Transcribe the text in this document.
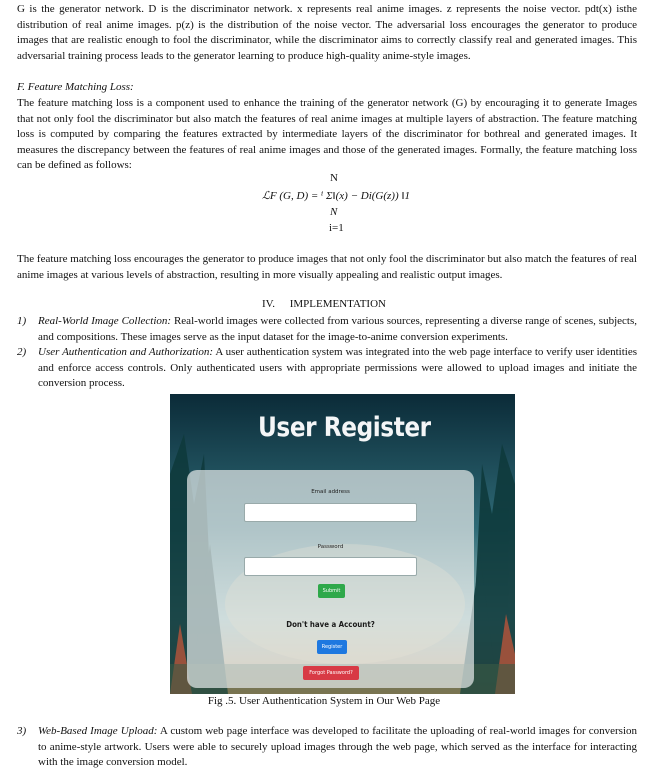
G is the generator network. D is the discriminator network. x represents real anime images. z represents the noise vector. pdt(x) isthe distribution of real anime images. p(z) is the distribution of the noise vector. The adversarial loss encourages the generator to produce images that are realistic enough to fool the discriminator, while the discriminator aims to correctly classify real and generated images. This adversarial training process leads to the generator learning to produce high-quality anime-style images.

F. Feature Matching Loss:

The feature matching loss is a component used to enhance the training of the generator network (G) by encouraging it to generate Images that not only fool the discriminator but also match the features of real anime images at multiple layers of abstraction. The feature matching loss is computed by comparing the features extracted by intermediate layers of the discriminator for bothreal and generated images. It measures the discrepancy between the features of real anime images and those of the generated images. Formally, the feature matching loss can be defined as follows:

N
ℒF (G, D) = ⁱ Σ‖(x) − Di(G(z)) ‖1
N
i=1

The feature matching loss encourages the generator to produce images that not only fool the discriminator but also match the features of real anime images at various levels of abstraction, resulting in more visually appealing and realistic output images.

IV. IMPLEMENTATION
1) Real-World Image Collection: Real-world images were collected from various sources, representing a diverse range of scenes, subjects, and compositions. These images serve as the input dataset for the image-to-anime conversion experiments.
2) User Authentication and Authorization: A user authentication system was integrated into the web page interface to verify user identities and enforce access controls. Only authenticated users with appropriate permissions were allowed to upload images and initiate the conversion process.
User Register
Email address
Password
Submit
Don't have a Account?
Register
Forgot Password?
Fig .5. User Authentication System in Our Web Page
3) Web-Based Image Upload: A custom web page interface was developed to facilitate the uploading of real-world images for conversion to anime-style artwork. Users were able to securely upload images through the web page, which served as the interface for interacting with the image conversion model.
